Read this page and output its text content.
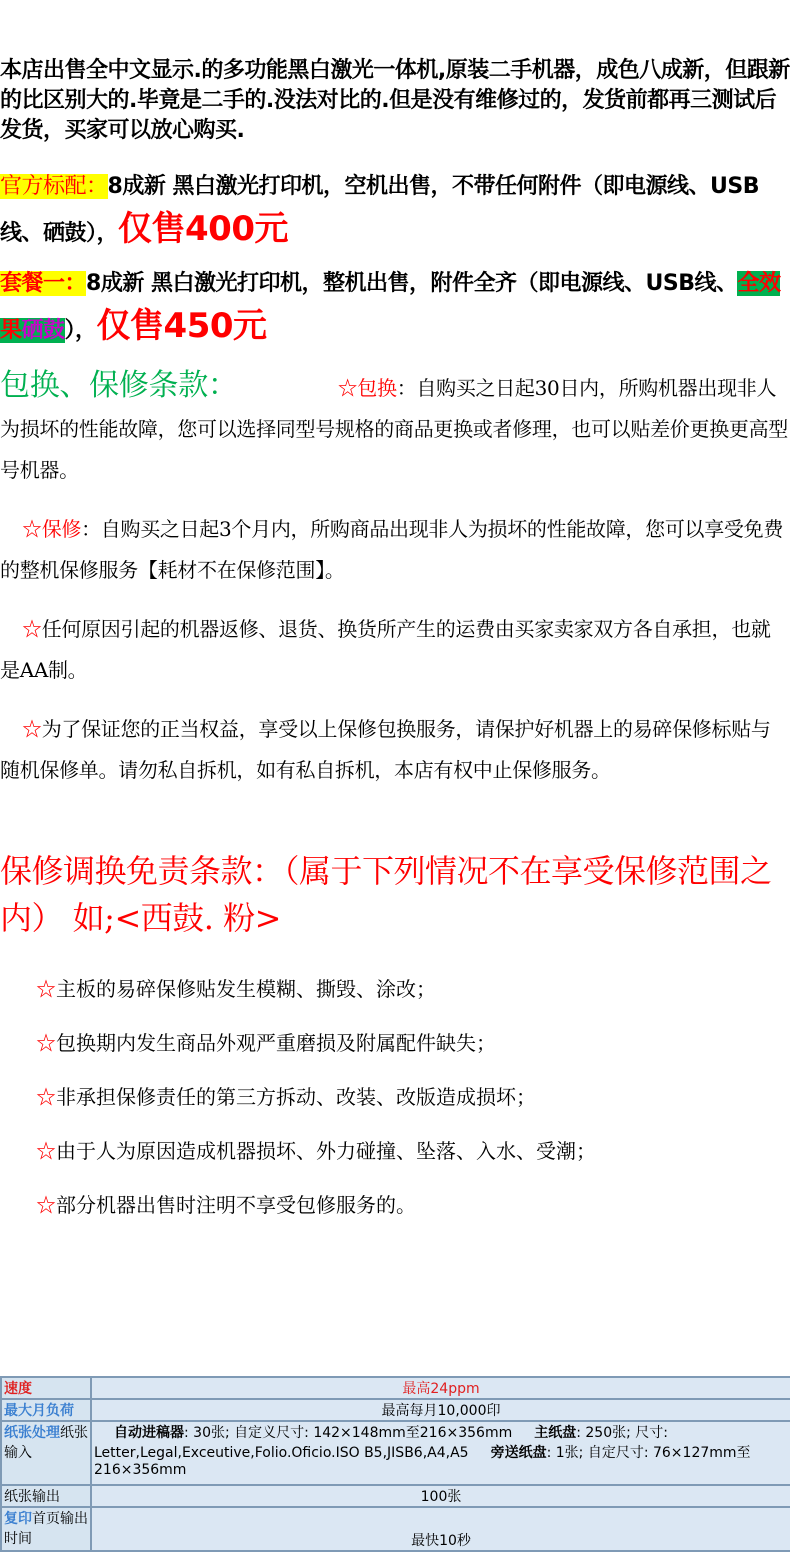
本店出售全中文显示.的多功能黑白激光一体机,原装二手机器，成色八成新，但跟新的比区别大的.毕竟是二手的.没法对比的.但是没有维修过的，发货前都再三测试后发货，买家可以放心购买.
官方标配：8成新 黑白激光打印机，空机出售，不带任何附件（即电源线、USB线、硒鼓），仅售400元
套餐一：8成新 黑白激光打印机，整机出售，附件全齐（即电源线、USB线、全效果硒鼓），仅售450元

包换、保修条款：	☆包换：自购买之日起30日内，所购机器出现非人为损坏的性能故障，您可以选择同型号规格的商品更换或者修理，也可以贴差价更换更高型号机器。

☆保修：自购买之日起3个月内，所购商品出现非人为损坏的性能故障，您可以享受免费的整机保修服务【耗材不在保修范围】。

☆任何原因引起的机器返修、退货、换货所产生的运费由买家卖家双方各自承担，也就是AA制。

☆为了保证您的正当权益，享受以上保修包换服务，请保护好机器上的易碎保修标贴与随机保修单。请勿私自拆机，如有私自拆机，本店有权中止保修服务。

保修调换免责条款：（属于下列情况不在享受保修范围之内） 如;<西鼓. 粉>
☆主板的易碎保修贴发生模糊、撕毁、涂改；
☆包换期内发生商品外观严重磨损及附属配件缺失；
☆非承担保修责任的第三方拆动、改装、改版造成损坏；
☆由于人为原因造成机器损坏、外力碰撞、坠落、入水、受潮；
☆部分机器出售时注明不享受包修服务的。
速度	最高24ppm
最大月负荷	最高每月10,000印
纸张处理纸张输入	自动进稿器: 30张; 自定义尺寸: 142×148mm至216×356mm 主纸盘: 250张; 尺寸: Letter,Legal,Exceutive,Folio.Oficio.ISO B5,JISB6,A4,A5 旁送纸盘: 1张; 自定尺寸: 76×127mm至216×356mm
纸张输出	100张
复印首页输出时间	最快10秒
